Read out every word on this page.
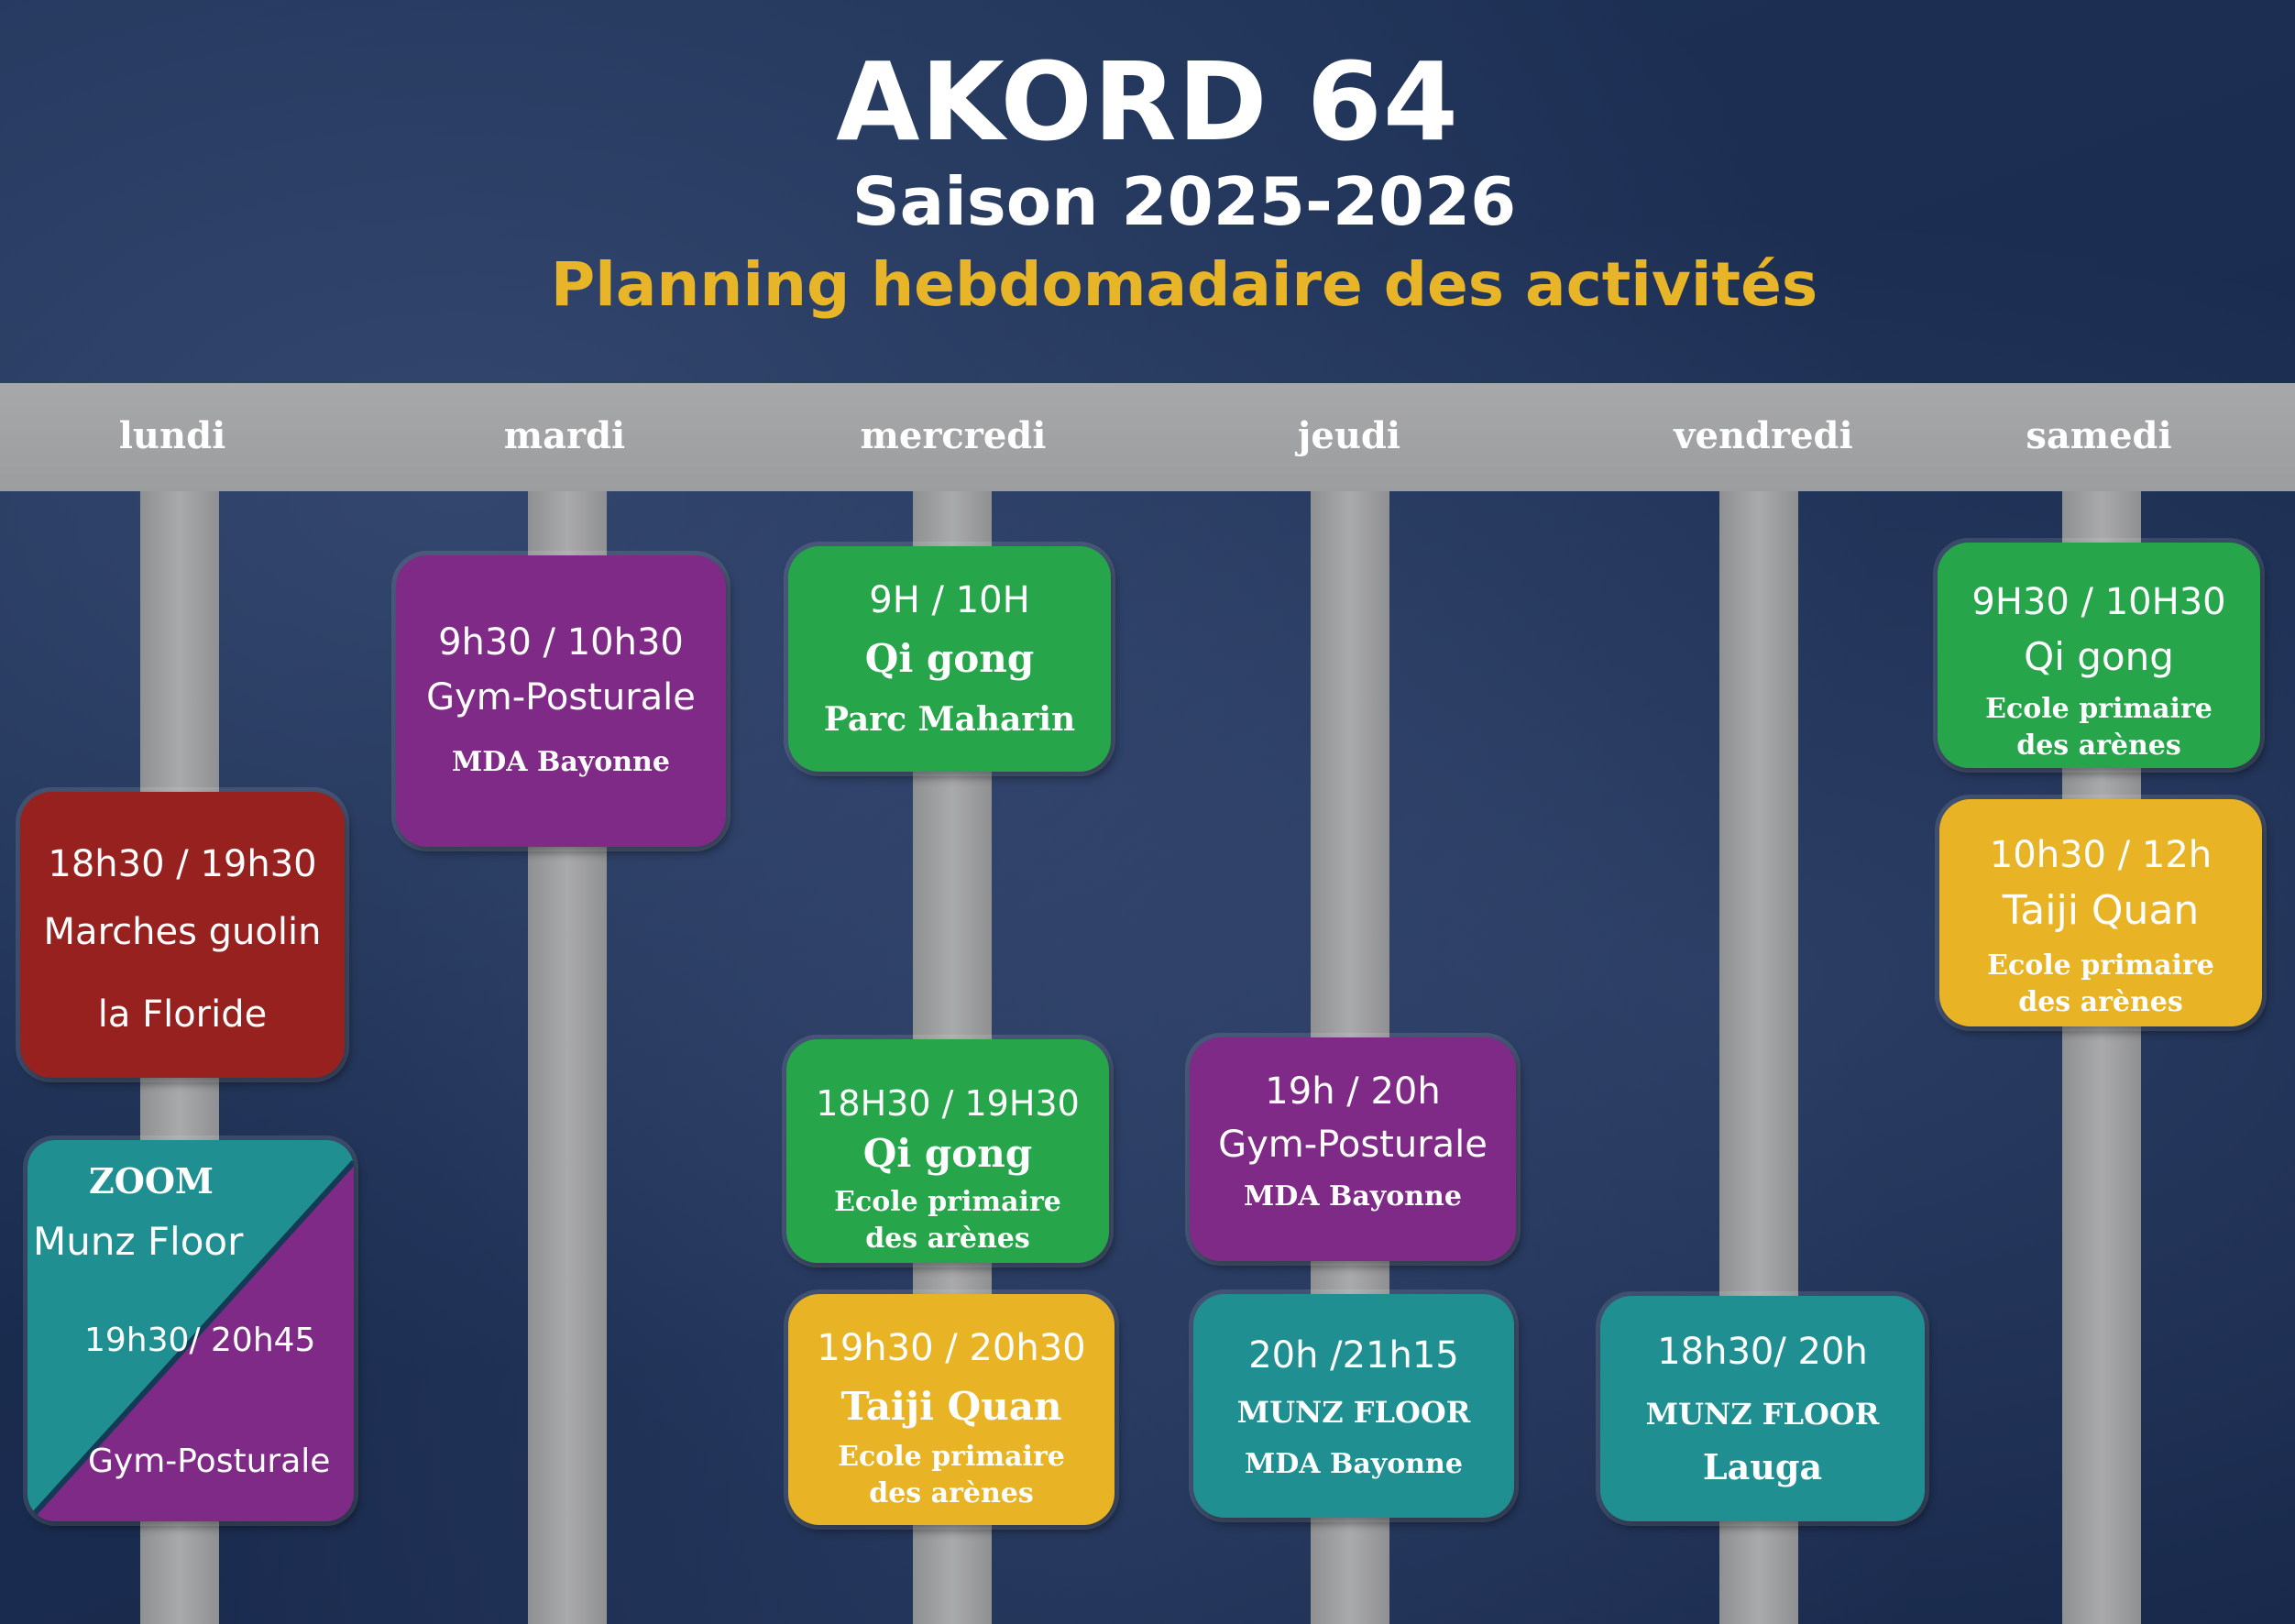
AKORD 64
Saison 2025-2026
Planning hebdomadaire des activités
lundi	mardi	mercredi	jeudi	vendredi	samedi
18h30 / 19h30
Marches guolin
la Floride
ZOOM
Munz Floor
19h30/ 20h45
Gym-Posturale
9h30 / 10h30
Gym-Posturale
MDA Bayonne
9H / 10H
Qi gong
Parc Maharin
18H30 / 19H30
Qi gong
Ecole primaire
des arènes
19h30 / 20h30
Taiji Quan
Ecole primaire
des arènes
19h / 20h
Gym-Posturale
MDA Bayonne
20h /21h15
MUNZ FLOOR
MDA Bayonne
18h30/ 20h
MUNZ FLOOR
Lauga
9H30 / 10H30
Qi gong
Ecole primaire
des arènes
10h30 / 12h
Taiji Quan
Ecole primaire
des arènes
